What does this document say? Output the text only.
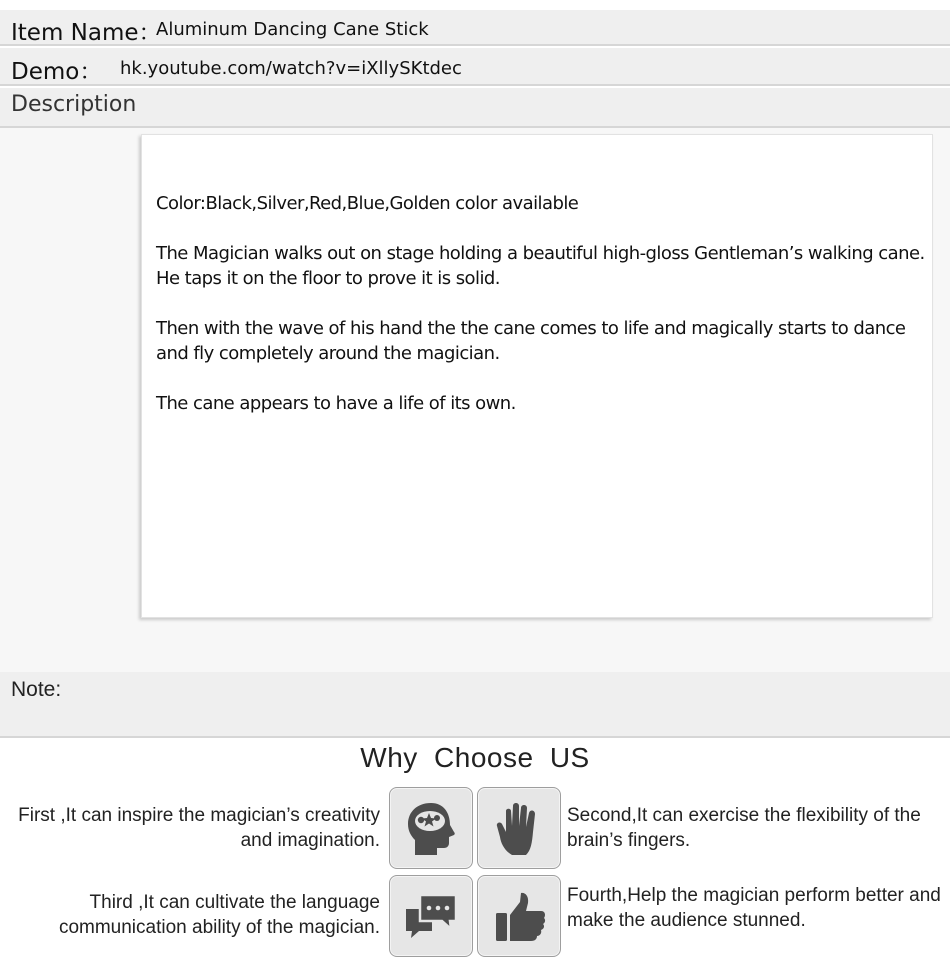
Item Name：
Aluminum Dancing Cane Stick
Demo： hk.youtube.com/watch?v=iXllySKtdec
Description

Color:Black,Silver,Red,Blue,Golden color available

The Magician walks out on stage holding a beautiful high-gloss Gentleman’s walking cane. He taps it on the floor to prove it is solid.

Then with the wave of his hand the the cane comes to life and magically starts to dance and fly completely around the magician.

The cane appears to have a life of its own.

Note:
Why Choose US
First ,It can inspire the magician’s creativity and imagination.
Second,It can exercise the flexibility of the brain’s fingers.
Third ,It can cultivate the language communication ability of the magician.
Fourth,Help the magician perform better and make the audience stunned.
